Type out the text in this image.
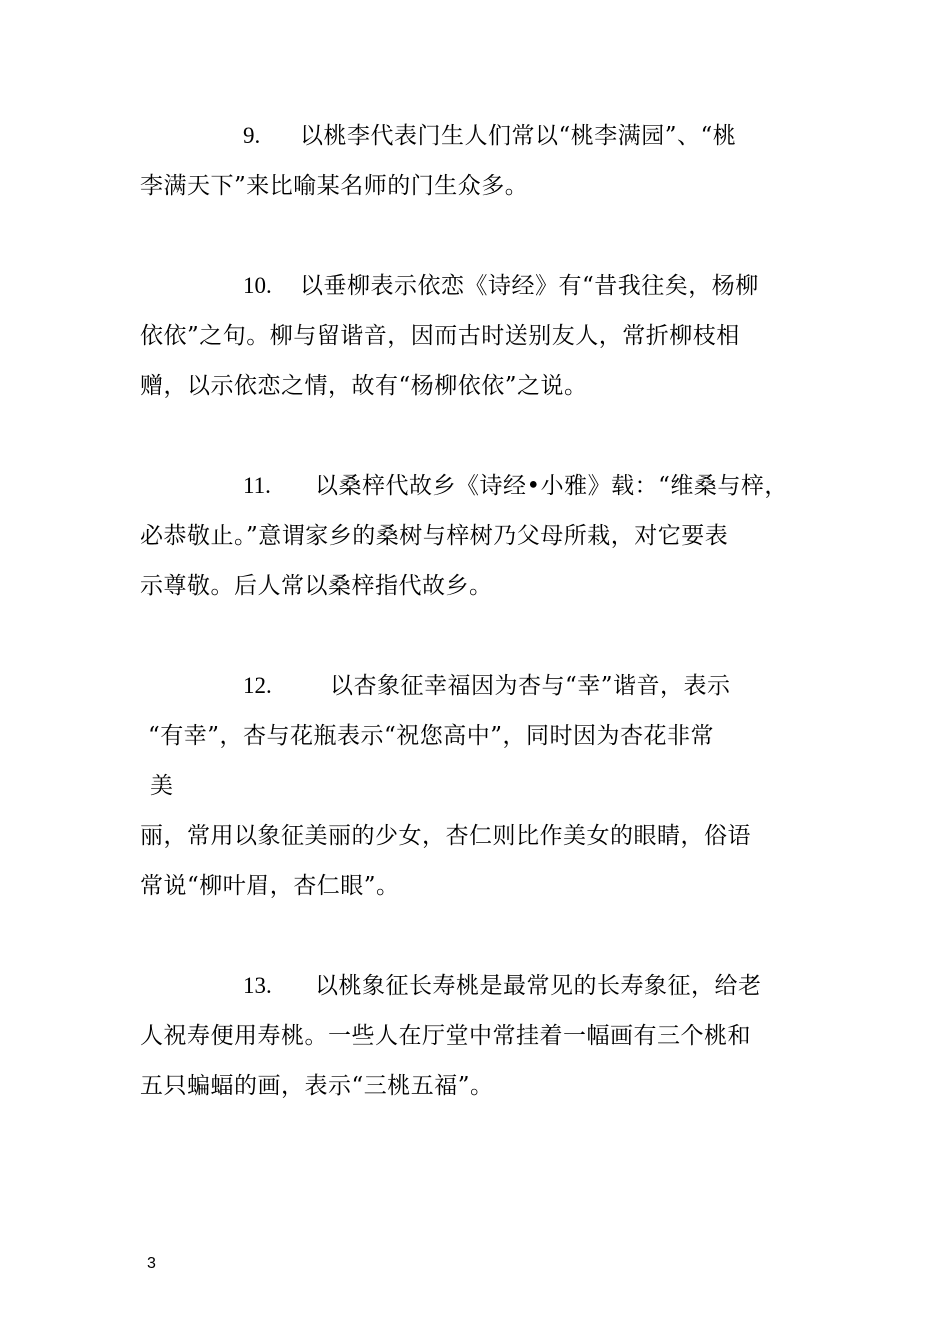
9. 以桃李代表门生人们常以“桃李满园”、“桃
李满天下”来比喻某名师的门生众多。
10. 以垂柳表示依恋《诗经》有“昔我往矣，杨柳
依依”之句。柳与留谐音，因而古时送别友人，常折柳枝相
赠，以示依恋之情，故有“杨柳依依”之说。
11. 以桑梓代故乡《诗经•小雅》载：“维桑与梓，
必恭敬止。”意谓家乡的桑树与梓树乃父母所栽，对它要表
示尊敬。后人常以桑梓指代故乡。
12.	以杏象征幸福因为杏与“幸”谐音，表示
“有幸”，杏与花瓶表示“祝您高中”，同时因为杏花非常
美
丽，常用以象征美丽的少女，杏仁则比作美女的眼睛，俗语
常说“柳叶眉，杏仁眼”。
13. 以桃象征长寿桃是最常见的长寿象征，给老
人祝寿便用寿桃。一些人在厅堂中常挂着一幅画有三个桃和
五只蝙蝠的画，表示“三桃五福”。
3
